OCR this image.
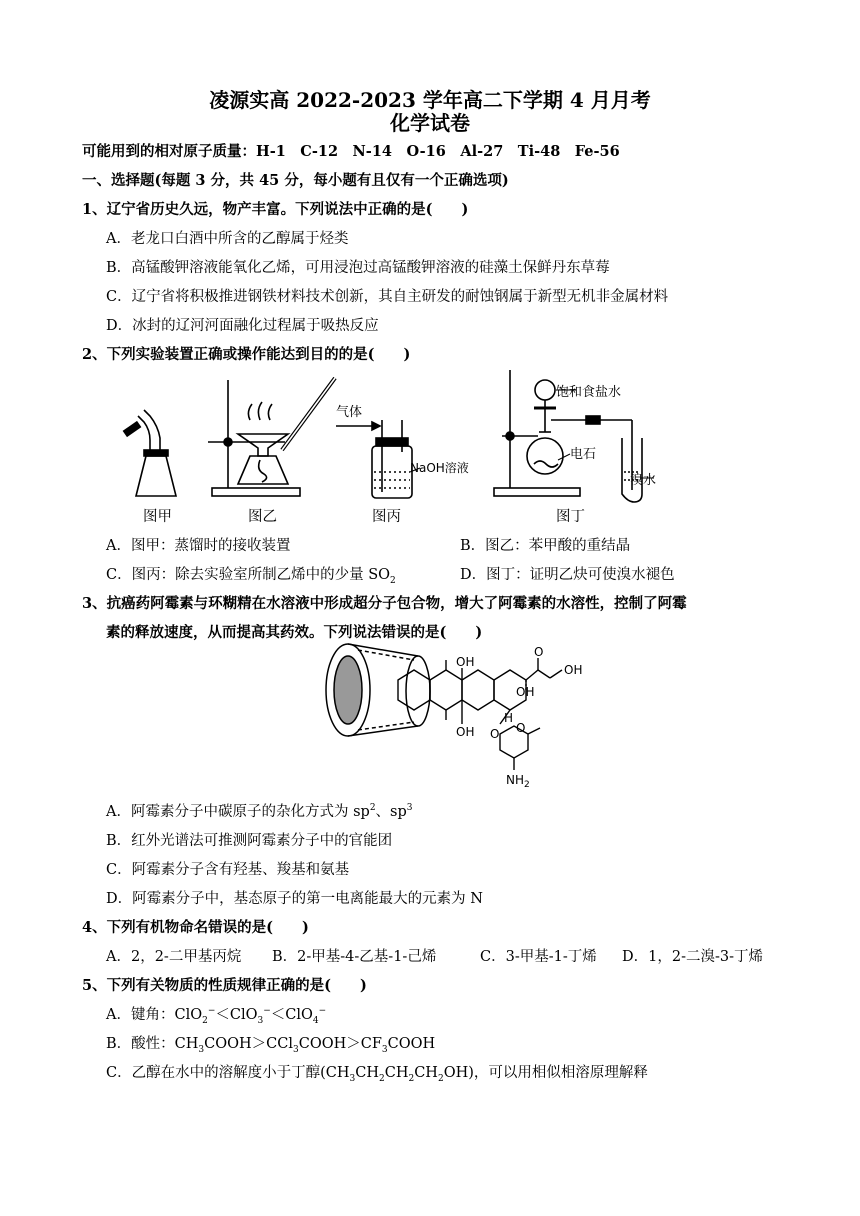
凌源实高 2022-2023 学年高二下学期 4 月月考
化学试卷
可能用到的相对原子质量：H-1　C-12　N-14　O-16　Al-27　Ti-48　Fe-56
一、选择题(每题 3 分，共 45 分，每小题有且仅有一个正确选项)
1、辽宁省历史久远，物产丰富。下列说法中正确的是(　　)
A．老龙口白酒中所含的乙醇属于烃类
B．高锰酸钾溶液能氧化乙烯，可用浸泡过高锰酸钾溶液的硅藻土保鲜丹东草莓
C．辽宁省将积极推进钢铁材料技术创新，其自主研发的耐蚀钢属于新型无机非金属材料
D．冰封的辽河河面融化过程属于吸热反应
2、下列实验装置正确或操作能达到目的的是(　　)
气体
NaOH溶液
饱和食盐水
电石
溴水
图甲	图乙	图丙	图丁
A．图甲：蒸馏时的接收装置	B．图乙：苯甲酸的重结晶
C．图丙：除去实验室所制乙烯中的少量 $SO_2$	D．图丁：证明乙炔可使溴水褪色
3、抗癌药阿霉素与环糊精在水溶液中形成超分子包合物，增大了阿霉素的水溶性，控制了阿霉
素的释放速度，从而提高其药效。下列说法错误的是(　　)
OH
OH
OH
OH
O
H
O O
$NH_2$
A．阿霉素分子中碳原子的杂化方式为 $sp^2$、$sp^3$
B．红外光谱法可推测阿霉素分子中的官能团
C．阿霉素分子含有羟基、羧基和氨基
D．阿霉素分子中，基态原子的第一电离能最大的元素为 N
4、下列有机物命名错误的是(　　)
A．2，2-二甲基丙烷 B．2-甲基-4-乙基-1-己烯	C．3-甲基-1-丁烯 D．1，2-二溴-3-丁烯
5、下列有关物质的性质规律正确的是(　　)
A．键角：ClO$_2$−＜ClO$_3$−＜ClO$_4$−
B．酸性：$CH_3COOH>CCl_3COOH>CF_3COOH$
C．乙醇在水中的溶解度小于丁醇$(CH_3CH_2CH_2CH_2OH)$，可以用相似相溶原理解释
